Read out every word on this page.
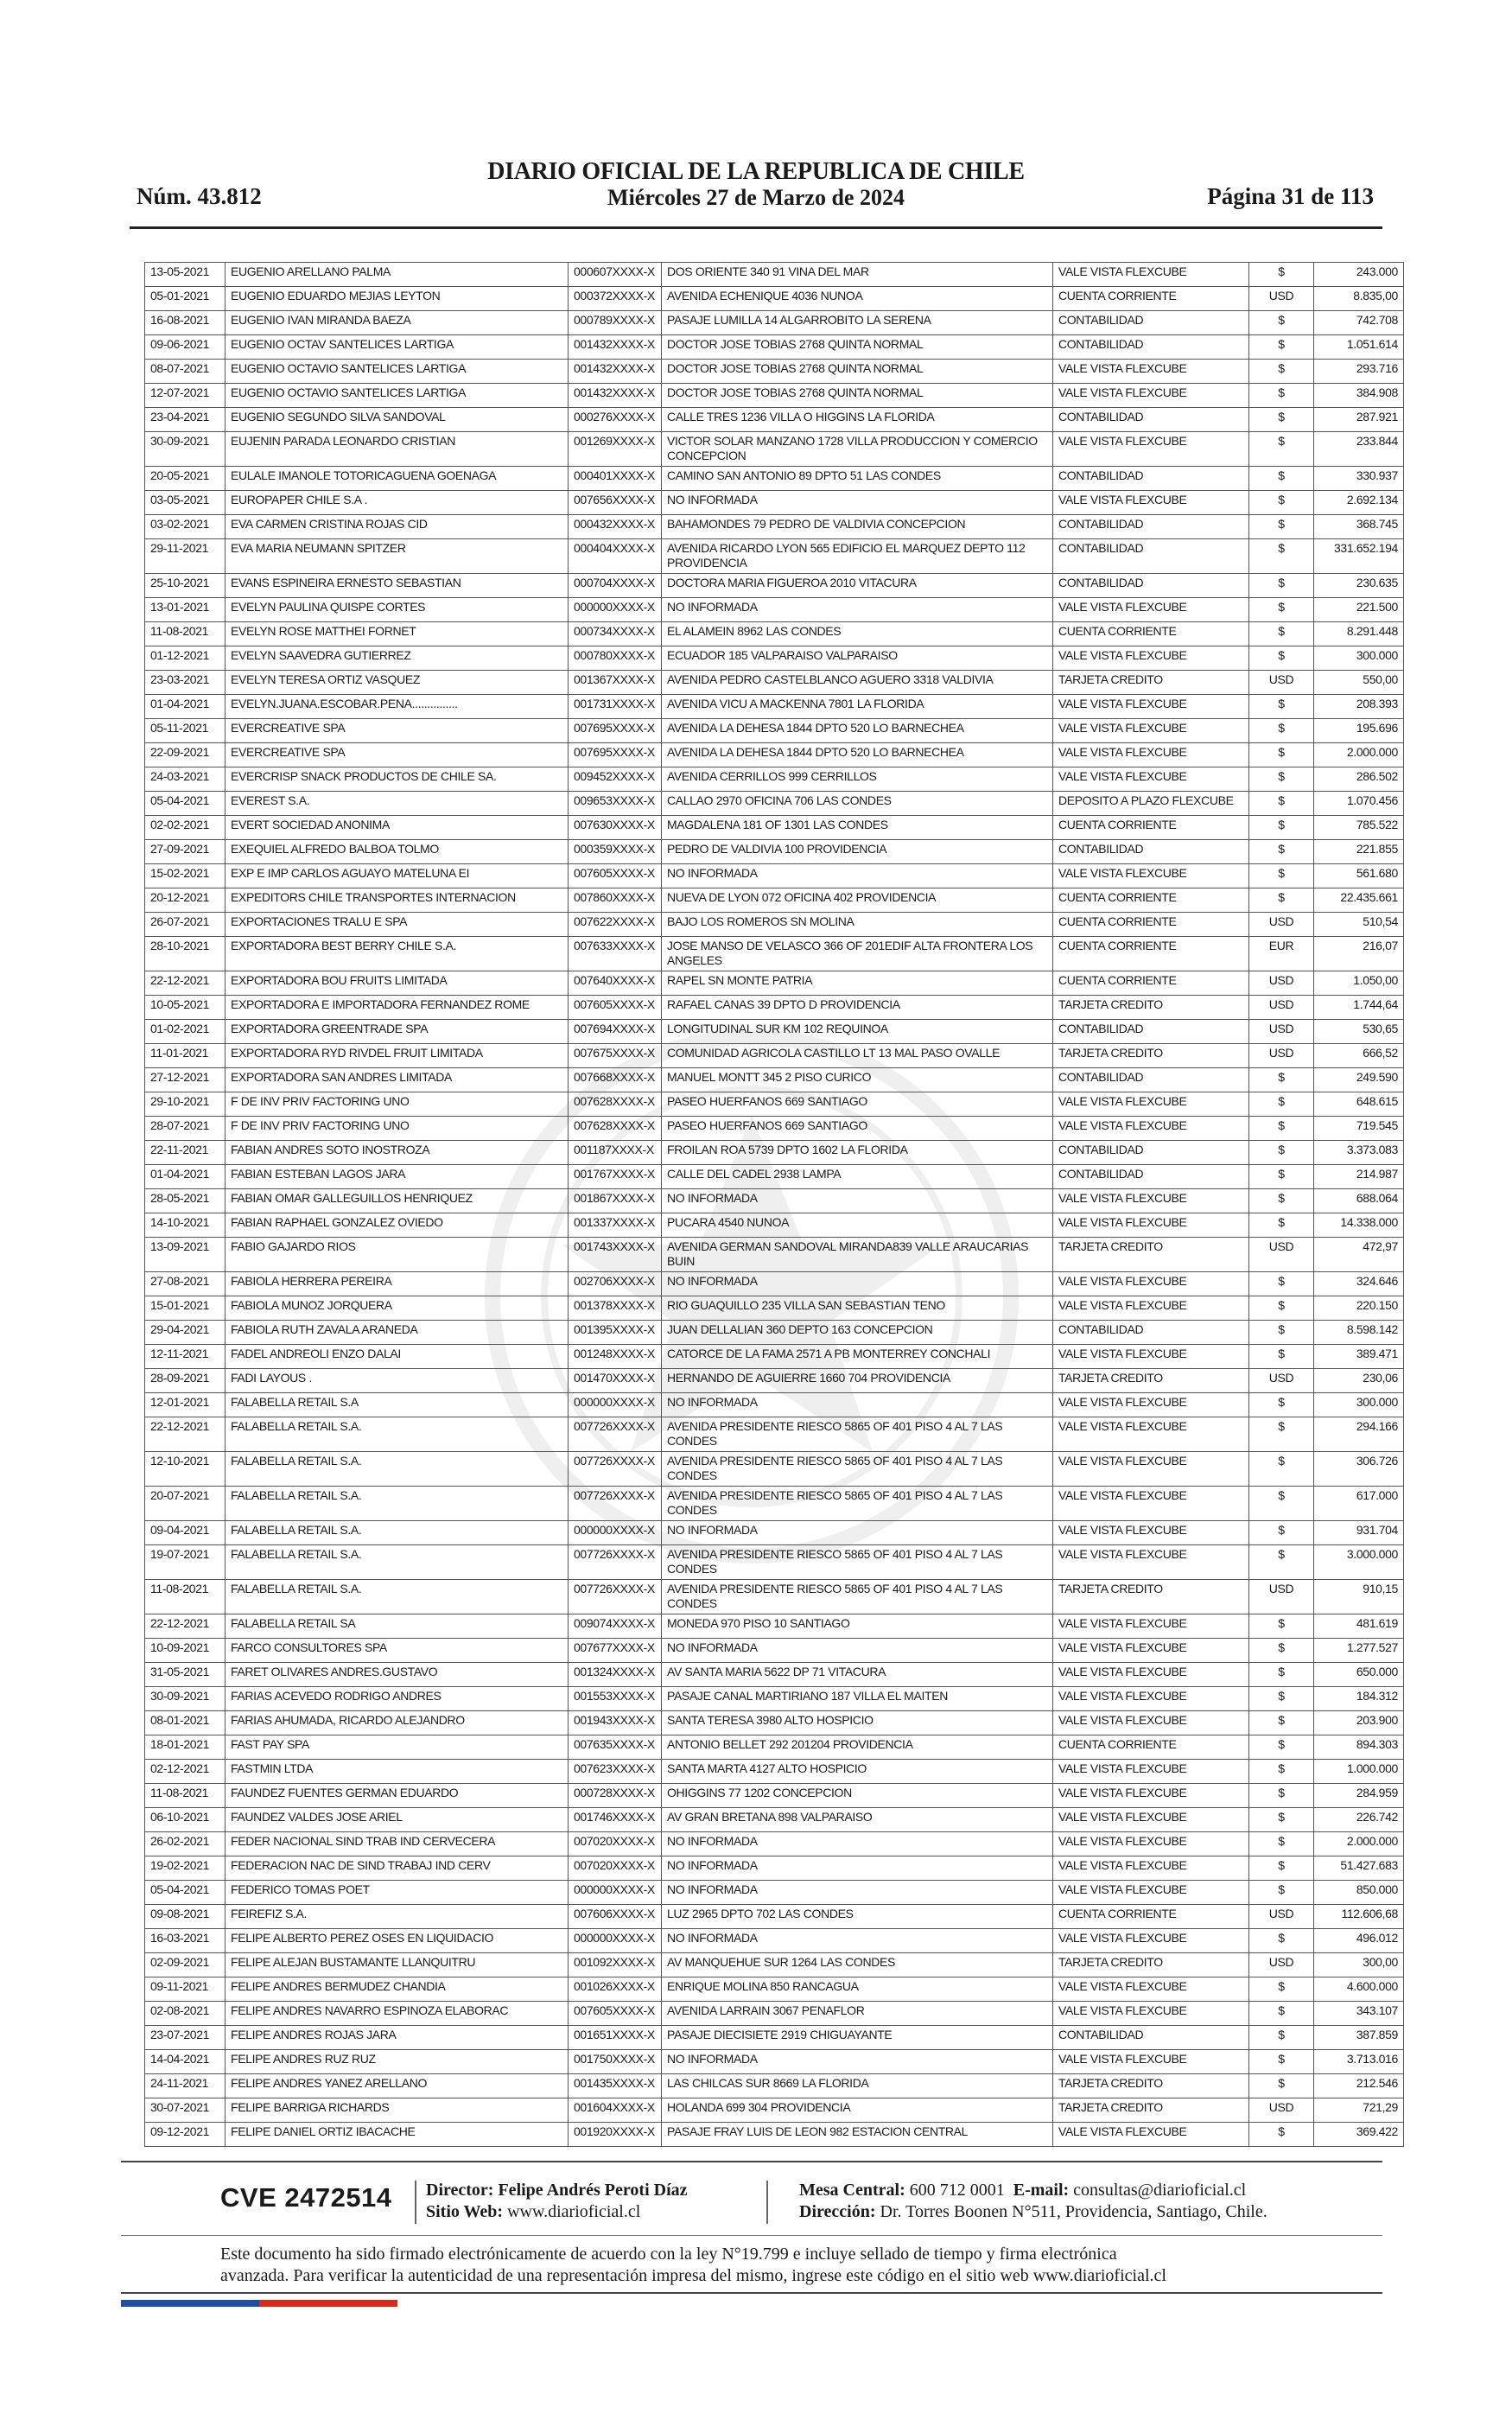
Núm. 43.812
DIARIO OFICIAL DE LA REPUBLICA DE CHILE
Miércoles 27 de Marzo de 2024	Página 31 de 113
13-05-2021	EUGENIO ARELLANO PALMA	000607XXXX-X	DOS ORIENTE 340 91 VINA DEL MAR	VALE VISTA FLEXCUBE	$	243.000
05-01-2021	EUGENIO EDUARDO MEJIAS LEYTON	000372XXXX-X	AVENIDA ECHENIQUE 4036 NUNOA	CUENTA CORRIENTE	USD	8.835,00
16-08-2021	EUGENIO IVAN MIRANDA BAEZA	000789XXXX-X	PASAJE LUMILLA 14 ALGARROBITO LA SERENA	CONTABILIDAD	$	742.708
09-06-2021	EUGENIO OCTAV SANTELICES LARTIGA	001432XXXX-X	DOCTOR JOSE TOBIAS 2768 QUINTA NORMAL	CONTABILIDAD	$	1.051.614
08-07-2021	EUGENIO OCTAVIO SANTELICES LARTIGA	001432XXXX-X	DOCTOR JOSE TOBIAS 2768 QUINTA NORMAL	VALE VISTA FLEXCUBE	$	293.716
12-07-2021	EUGENIO OCTAVIO SANTELICES LARTIGA	001432XXXX-X	DOCTOR JOSE TOBIAS 2768 QUINTA NORMAL	VALE VISTA FLEXCUBE	$	384.908
23-04-2021	EUGENIO SEGUNDO SILVA SANDOVAL	000276XXXX-X	CALLE TRES 1236 VILLA O HIGGINS LA FLORIDA	CONTABILIDAD	$	287.921
30-09-2021	EUJENIN PARADA LEONARDO CRISTIAN	001269XXXX-X	VICTOR SOLAR MANZANO 1728 VILLA PRODUCCION Y COMERCIO CONCEPCION	VALE VISTA FLEXCUBE	$	233.844
20-05-2021	EULALE IMANOLE TOTORICAGUENA GOENAGA	000401XXXX-X	CAMINO SAN ANTONIO 89 DPTO 51 LAS CONDES	CONTABILIDAD	$	330.937
03-05-2021	EUROPAPER CHILE S.A .	007656XXXX-X	NO INFORMADA	VALE VISTA FLEXCUBE	$	2.692.134
03-02-2021	EVA CARMEN CRISTINA ROJAS CID	000432XXXX-X	BAHAMONDES 79 PEDRO DE VALDIVIA CONCEPCION	CONTABILIDAD	$	368.745
29-11-2021	EVA MARIA NEUMANN SPITZER	000404XXXX-X	AVENIDA RICARDO LYON 565 EDIFICIO EL MARQUEZ DEPTO 112 PROVIDENCIA	CONTABILIDAD	$	331.652.194
25-10-2021	EVANS ESPINEIRA ERNESTO SEBASTIAN	000704XXXX-X	DOCTORA MARIA FIGUEROA 2010 VITACURA	CONTABILIDAD	$	230.635
13-01-2021	EVELYN PAULINA QUISPE CORTES	000000XXXX-X	NO INFORMADA	VALE VISTA FLEXCUBE	$	221.500
11-08-2021	EVELYN ROSE MATTHEI FORNET	000734XXXX-X	EL ALAMEIN 8962 LAS CONDES	CUENTA CORRIENTE	$	8.291.448
01-12-2021	EVELYN SAAVEDRA GUTIERREZ	000780XXXX-X	ECUADOR 185 VALPARAISO VALPARAISO	VALE VISTA FLEXCUBE	$	300.000
23-03-2021	EVELYN TERESA ORTIZ VASQUEZ	001367XXXX-X	AVENIDA PEDRO CASTELBLANCO AGUERO 3318 VALDIVIA	TARJETA CREDITO	USD	550,00
01-04-2021	EVELYN.JUANA.ESCOBAR.PENA...............	001731XXXX-X	AVENIDA VICU A MACKENNA 7801 LA FLORIDA	VALE VISTA FLEXCUBE	$	208.393
05-11-2021	EVERCREATIVE SPA	007695XXXX-X	AVENIDA LA DEHESA 1844 DPTO 520 LO BARNECHEA	VALE VISTA FLEXCUBE	$	195.696
22-09-2021	EVERCREATIVE SPA	007695XXXX-X	AVENIDA LA DEHESA 1844 DPTO 520 LO BARNECHEA	VALE VISTA FLEXCUBE	$	2.000.000
24-03-2021	EVERCRISP SNACK PRODUCTOS DE CHILE SA.	009452XXXX-X	AVENIDA CERRILLOS 999 CERRILLOS	VALE VISTA FLEXCUBE	$	286.502
05-04-2021	EVEREST S.A.	009653XXXX-X	CALLAO 2970 OFICINA 706 LAS CONDES	DEPOSITO A PLAZO FLEXCUBE	$	1.070.456
02-02-2021	EVERT SOCIEDAD ANONIMA	007630XXXX-X	MAGDALENA 181 OF 1301 LAS CONDES	CUENTA CORRIENTE	$	785.522
27-09-2021	EXEQUIEL ALFREDO BALBOA TOLMO	000359XXXX-X	PEDRO DE VALDIVIA 100 PROVIDENCIA	CONTABILIDAD	$	221.855
15-02-2021	EXP E IMP CARLOS AGUAYO MATELUNA EI	007605XXXX-X	NO INFORMADA	VALE VISTA FLEXCUBE	$	561.680
20-12-2021	EXPEDITORS CHILE TRANSPORTES INTERNACION	007860XXXX-X	NUEVA DE LYON 072 OFICINA 402 PROVIDENCIA	CUENTA CORRIENTE	$	22.435.661
26-07-2021	EXPORTACIONES TRALU E SPA	007622XXXX-X	BAJO LOS ROMEROS SN MOLINA	CUENTA CORRIENTE	USD	510,54
28-10-2021	EXPORTADORA BEST BERRY CHILE S.A.	007633XXXX-X	JOSE MANSO DE VELASCO 366 OF 201EDIF ALTA FRONTERA LOS ANGELES	CUENTA CORRIENTE	EUR	216,07
22-12-2021	EXPORTADORA BOU FRUITS LIMITADA	007640XXXX-X	RAPEL SN MONTE PATRIA	CUENTA CORRIENTE	USD	1.050,00
10-05-2021	EXPORTADORA E IMPORTADORA FERNANDEZ ROME	007605XXXX-X	RAFAEL CANAS 39 DPTO D PROVIDENCIA	TARJETA CREDITO	USD	1.744,64
01-02-2021	EXPORTADORA GREENTRADE SPA	007694XXXX-X	LONGITUDINAL SUR KM 102 REQUINOA	CONTABILIDAD	USD	530,65
11-01-2021	EXPORTADORA RYD RIVDEL FRUIT LIMITADA	007675XXXX-X	COMUNIDAD AGRICOLA CASTILLO LT 13 MAL PASO OVALLE	TARJETA CREDITO	USD	666,52
27-12-2021	EXPORTADORA SAN ANDRES LIMITADA	007668XXXX-X	MANUEL MONTT 345 2 PISO CURICO	CONTABILIDAD	$	249.590
29-10-2021	F DE INV PRIV FACTORING UNO	007628XXXX-X	PASEO HUERFANOS 669 SANTIAGO	VALE VISTA FLEXCUBE	$	648.615
28-07-2021	F DE INV PRIV FACTORING UNO	007628XXXX-X	PASEO HUERFANOS 669 SANTIAGO	VALE VISTA FLEXCUBE	$	719.545
22-11-2021	FABIAN ANDRES SOTO INOSTROZA	001187XXXX-X	FROILAN ROA 5739 DPTO 1602 LA FLORIDA	CONTABILIDAD	$	3.373.083
01-04-2021	FABIAN ESTEBAN LAGOS JARA	001767XXXX-X	CALLE DEL CADEL 2938 LAMPA	CONTABILIDAD	$	214.987
28-05-2021	FABIAN OMAR GALLEGUILLOS HENRIQUEZ	001867XXXX-X	NO INFORMADA	VALE VISTA FLEXCUBE	$	688.064
14-10-2021	FABIAN RAPHAEL GONZALEZ OVIEDO	001337XXXX-X	PUCARA 4540 NUNOA	VALE VISTA FLEXCUBE	$	14.338.000
13-09-2021	FABIO GAJARDO RIOS	001743XXXX-X	AVENIDA GERMAN SANDOVAL MIRANDA839 VALLE ARAUCARIAS BUIN	TARJETA CREDITO	USD	472,97
27-08-2021	FABIOLA HERRERA PEREIRA	002706XXXX-X	NO INFORMADA	VALE VISTA FLEXCUBE	$	324.646
15-01-2021	FABIOLA MUNOZ JORQUERA	001378XXXX-X	RIO GUAQUILLO 235 VILLA SAN SEBASTIAN TENO	VALE VISTA FLEXCUBE	$	220.150
29-04-2021	FABIOLA RUTH ZAVALA ARANEDA	001395XXXX-X	JUAN DELLALIAN 360 DEPTO 163 CONCEPCION	CONTABILIDAD	$	8.598.142
12-11-2021	FADEL ANDREOLI ENZO DALAI	001248XXXX-X	CATORCE DE LA FAMA 2571 A PB MONTERREY CONCHALI	VALE VISTA FLEXCUBE	$	389.471
28-09-2021	FADI LAYOUS .	001470XXXX-X	HERNANDO DE AGUIERRE 1660 704 PROVIDENCIA	TARJETA CREDITO	USD	230,06
12-01-2021	FALABELLA RETAIL S.A	000000XXXX-X	NO INFORMADA	VALE VISTA FLEXCUBE	$	300.000
22-12-2021	FALABELLA RETAIL S.A.	007726XXXX-X	AVENIDA PRESIDENTE RIESCO 5865 OF 401 PISO 4 AL 7 LAS CONDES	VALE VISTA FLEXCUBE	$	294.166
12-10-2021	FALABELLA RETAIL S.A.	007726XXXX-X	AVENIDA PRESIDENTE RIESCO 5865 OF 401 PISO 4 AL 7 LAS CONDES	VALE VISTA FLEXCUBE	$	306.726
20-07-2021	FALABELLA RETAIL S.A.	007726XXXX-X	AVENIDA PRESIDENTE RIESCO 5865 OF 401 PISO 4 AL 7 LAS CONDES	VALE VISTA FLEXCUBE	$	617.000
09-04-2021	FALABELLA RETAIL S.A.	000000XXXX-X	NO INFORMADA	VALE VISTA FLEXCUBE	$	931.704
19-07-2021	FALABELLA RETAIL S.A.	007726XXXX-X	AVENIDA PRESIDENTE RIESCO 5865 OF 401 PISO 4 AL 7 LAS CONDES	VALE VISTA FLEXCUBE	$	3.000.000
11-08-2021	FALABELLA RETAIL S.A.	007726XXXX-X	AVENIDA PRESIDENTE RIESCO 5865 OF 401 PISO 4 AL 7 LAS CONDES	TARJETA CREDITO	USD	910,15
22-12-2021	FALABELLA RETAIL SA	009074XXXX-X	MONEDA 970 PISO 10 SANTIAGO	VALE VISTA FLEXCUBE	$	481.619
10-09-2021	FARCO CONSULTORES SPA	007677XXXX-X	NO INFORMADA	VALE VISTA FLEXCUBE	$	1.277.527
31-05-2021	FARET OLIVARES ANDRES.GUSTAVO	001324XXXX-X	AV SANTA MARIA 5622 DP 71 VITACURA	VALE VISTA FLEXCUBE	$	650.000
30-09-2021	FARIAS ACEVEDO RODRIGO ANDRES	001553XXXX-X	PASAJE CANAL MARTIRIANO 187 VILLA EL MAITEN	VALE VISTA FLEXCUBE	$	184.312
08-01-2021	FARIAS AHUMADA, RICARDO ALEJANDRO	001943XXXX-X	SANTA TERESA 3980 ALTO HOSPICIO	VALE VISTA FLEXCUBE	$	203.900
18-01-2021	FAST PAY SPA	007635XXXX-X	ANTONIO BELLET 292 201204 PROVIDENCIA	CUENTA CORRIENTE	$	894.303
02-12-2021	FASTMIN LTDA	007623XXXX-X	SANTA MARTA 4127 ALTO HOSPICIO	VALE VISTA FLEXCUBE	$	1.000.000
11-08-2021	FAUNDEZ FUENTES GERMAN EDUARDO	000728XXXX-X	OHIGGINS 77 1202 CONCEPCION	VALE VISTA FLEXCUBE	$	284.959
06-10-2021	FAUNDEZ VALDES JOSE ARIEL	001746XXXX-X	AV GRAN BRETANA 898 VALPARAISO	VALE VISTA FLEXCUBE	$	226.742
26-02-2021	FEDER NACIONAL SIND TRAB IND CERVECERA	007020XXXX-X	NO INFORMADA	VALE VISTA FLEXCUBE	$	2.000.000
19-02-2021	FEDERACION NAC DE SIND TRABAJ IND CERV	007020XXXX-X	NO INFORMADA	VALE VISTA FLEXCUBE	$	51.427.683
05-04-2021	FEDERICO TOMAS POET	000000XXXX-X	NO INFORMADA	VALE VISTA FLEXCUBE	$	850.000
09-08-2021	FEIREFIZ S.A.	007606XXXX-X	LUZ 2965 DPTO 702 LAS CONDES	CUENTA CORRIENTE	USD	112.606,68
16-03-2021	FELIPE ALBERTO PEREZ OSES EN LIQUIDACIO	000000XXXX-X	NO INFORMADA	VALE VISTA FLEXCUBE	$	496.012
02-09-2021	FELIPE ALEJAN BUSTAMANTE LLANQUITRU	001092XXXX-X	AV MANQUEHUE SUR 1264 LAS CONDES	TARJETA CREDITO	USD	300,00
09-11-2021	FELIPE ANDRES BERMUDEZ CHANDIA	001026XXXX-X	ENRIQUE MOLINA 850 RANCAGUA	VALE VISTA FLEXCUBE	$	4.600.000
02-08-2021	FELIPE ANDRES NAVARRO ESPINOZA ELABORAC	007605XXXX-X	AVENIDA LARRAIN 3067 PENAFLOR	VALE VISTA FLEXCUBE	$	343.107
23-07-2021	FELIPE ANDRES ROJAS JARA	001651XXXX-X	PASAJE DIECISIETE 2919 CHIGUAYANTE	CONTABILIDAD	$	387.859
14-04-2021	FELIPE ANDRES RUZ RUZ	001750XXXX-X	NO INFORMADA	VALE VISTA FLEXCUBE	$	3.713.016
24-11-2021	FELIPE ANDRES YANEZ ARELLANO	001435XXXX-X	LAS CHILCAS SUR 8669 LA FLORIDA	TARJETA CREDITO	$	212.546
30-07-2021	FELIPE BARRIGA RICHARDS	001604XXXX-X	HOLANDA 699 304 PROVIDENCIA	TARJETA CREDITO	USD	721,29
09-12-2021	FELIPE DANIEL ORTIZ IBACACHE	001920XXXX-X	PASAJE FRAY LUIS DE LEON 982 ESTACION CENTRAL	VALE VISTA FLEXCUBE	$	369.422
CVE 2472514 Director: Felipe Andrés Peroti Díaz
Sitio Web: www.diarioficial.cl
Mesa Central: 600 712 0001 E-mail: consultas@diarioficial.cl
Dirección: Dr. Torres Boonen N°511, Providencia, Santiago, Chile.
Este documento ha sido firmado electrónicamente de acuerdo con la ley N°19.799 e incluye sellado de tiempo y firma electrónica
avanzada. Para verificar la autenticidad de una representación impresa del mismo, ingrese este código en el sitio web www.diarioficial.cl
